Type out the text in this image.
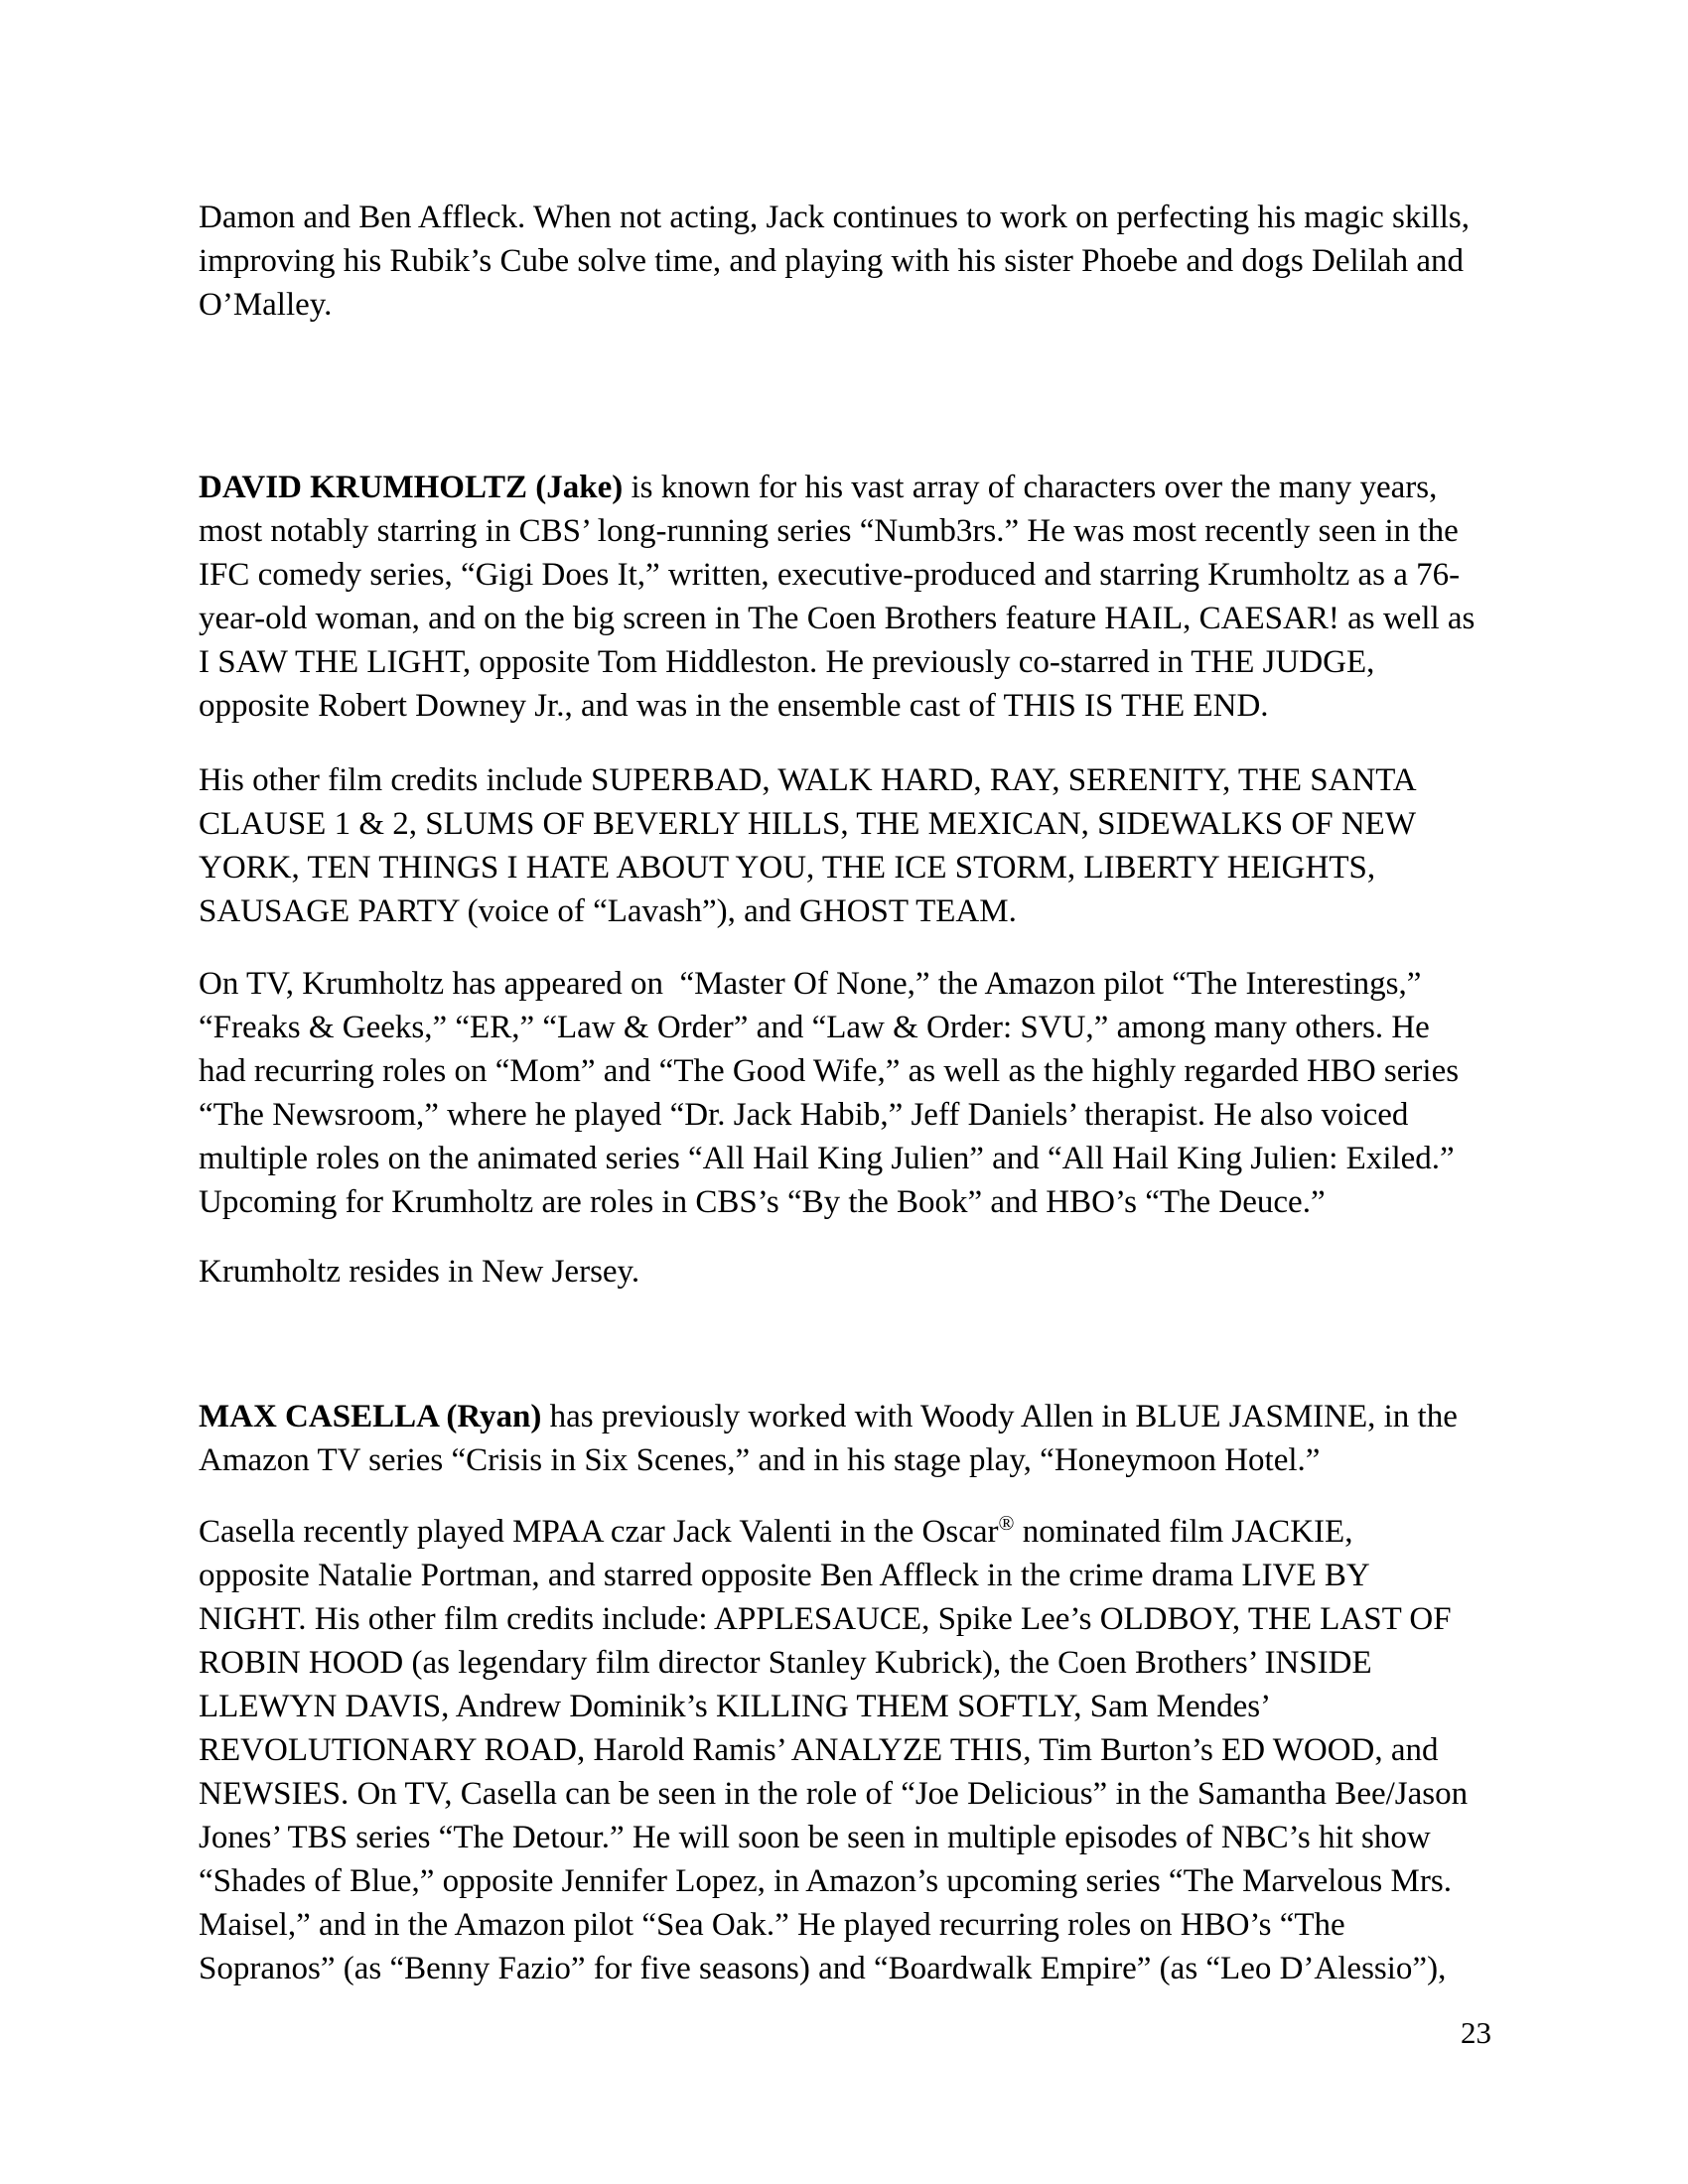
Damon and Ben Affleck. When not acting, Jack continues to work on perfecting his magic skills,
improving his Rubik’s Cube solve time, and playing with his sister Phoebe and dogs Delilah and
O’Malley.
DAVID KRUMHOLTZ (Jake) is known for his vast array of characters over the many years,
most notably starring in CBS’ long-running series “Numb3rs.” He was most recently seen in the
IFC comedy series, “Gigi Does It,” written, executive-produced and starring Krumholtz as a 76-
year-old woman, and on the big screen in The Coen Brothers feature HAIL, CAESAR! as well as
I SAW THE LIGHT, opposite Tom Hiddleston. He previously co-starred in THE JUDGE,
opposite Robert Downey Jr., and was in the ensemble cast of THIS IS THE END.
His other film credits include SUPERBAD, WALK HARD, RAY, SERENITY, THE SANTA
CLAUSE 1 & 2, SLUMS OF BEVERLY HILLS, THE MEXICAN, SIDEWALKS OF NEW
YORK, TEN THINGS I HATE ABOUT YOU, THE ICE STORM, LIBERTY HEIGHTS,
SAUSAGE PARTY (voice of “Lavash”), and GHOST TEAM.
On TV, Krumholtz has appeared on  “Master Of None,” the Amazon pilot “The Interestings,”
“Freaks & Geeks,” “ER,” “Law & Order” and “Law & Order: SVU,” among many others. He
had recurring roles on “Mom” and “The Good Wife,” as well as the highly regarded HBO series
“The Newsroom,” where he played “Dr. Jack Habib,” Jeff Daniels’ therapist. He also voiced
multiple roles on the animated series “All Hail King Julien” and “All Hail King Julien: Exiled.”
Upcoming for Krumholtz are roles in CBS’s “By the Book” and HBO’s “The Deuce.”
Krumholtz resides in New Jersey.
MAX CASELLA (Ryan) has previously worked with Woody Allen in BLUE JASMINE, in the
Amazon TV series “Crisis in Six Scenes,” and in his stage play, “Honeymoon Hotel.”
Casella recently played MPAA czar Jack Valenti in the Oscar® nominated film JACKIE,
opposite Natalie Portman, and starred opposite Ben Affleck in the crime drama LIVE BY
NIGHT. His other film credits include: APPLESAUCE, Spike Lee’s OLDBOY, THE LAST OF
ROBIN HOOD (as legendary film director Stanley Kubrick), the Coen Brothers’ INSIDE
LLEWYN DAVIS, Andrew Dominik’s KILLING THEM SOFTLY, Sam Mendes’
REVOLUTIONARY ROAD, Harold Ramis’ ANALYZE THIS, Tim Burton’s ED WOOD, and
NEWSIES. On TV, Casella can be seen in the role of “Joe Delicious” in the Samantha Bee/Jason
Jones’ TBS series “The Detour.” He will soon be seen in multiple episodes of NBC’s hit show
“Shades of Blue,” opposite Jennifer Lopez, in Amazon’s upcoming series “The Marvelous Mrs.
Maisel,” and in the Amazon pilot “Sea Oak.” He played recurring roles on HBO’s “The
Sopranos” (as “Benny Fazio” for five seasons) and “Boardwalk Empire” (as “Leo D’Alessio”),
23
